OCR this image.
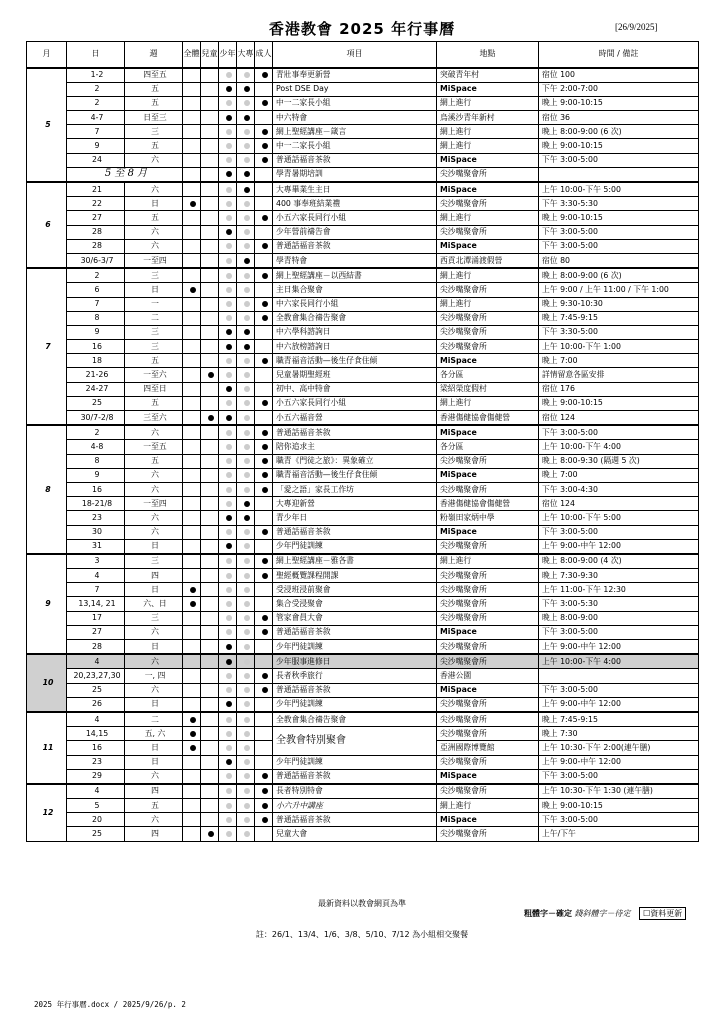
香港教會 2025 年行事曆	[26/9/2025]
月	日	週	全體	兒童	少年	大專	成人	項目	地點	時間 / 備註
5	1-2	四至五			●	●	●	青壯事奉更新營	突破青年村	宿位 100
	2	五			●	●		Post DSE Day	MiSpace	下午 2:00-7:00
	2	五			●	●	●	中一二家長小組	網上進行	晚上 9:00-10:15
	4-7	日至三			●	●		中六特會	烏溪沙青年新村	宿位 36
	7	三			●	●	●	網上聖經講座－箴言	網上進行	晚上 8:00-9:00 (6 次)
	9	五			●	●	●	中一二家長小組	網上進行	晚上 9:00-10:15
	24	六			●	●	●	普通話福音茶敘	MiSpace	下午 3:00-5:00
	5 至 8 月				●	●		學青暑期培訓	尖沙嘴聚會所	
6	21	六			●	●		大專畢業生主日	MiSpace	上午 10:00-下午 5:00
	22	日	●		●	●		400 事奉班結業禮	尖沙嘴聚會所	下午 3:30-5:30
	27	五			●	●	●	小五六家長同行小組	網上進行	晚上 9:00-10:15
	28	六			●	●		少年營前禱告會	尖沙嘴聚會所	下午 3:00-5:00
	28	六			●	●	●	普通話福音茶敘	MiSpace	下午 3:00-5:00
	30/6-3/7	一至四			●	●		學青特會	西貢北潭涌渡假營	宿位 80
7	2	三			●	●	●	網上聖經講座－以西結書	網上進行	晚上 8:00-9:00 (6 次)
	6	日	●		●	●		主日集合聚會	尖沙嘴聚會所	上午 9:00 / 上午 11:00 / 下午 1:00
	7	一			●	●	●	中六家長同行小組	網上進行	晚上 9:30-10:30
	8	二			●	●	●	全教會集合禱告聚會	尖沙嘴聚會所	晚上 7:45-9:15
	9	三			●	●		中六學科諮詢日	尖沙嘴聚會所	下午 3:30-5:00
	16	三			●	●		中六放榜諮詢日	尖沙嘴聚會所	上午 10:00-下午 1:00
	18	五			●	●	●	職青福音活動—後生仔食住傾	MiSpace	晚上 7:00
	21-26	一至六		●	●	●		兒童暑期聖經班	各分區	詳情留意各區安排
	24-27	四至日			●	●		初中、高中特會	梁紹榮度假村	宿位 176
	25	五			●	●	●	小五六家長同行小組	網上進行	晚上 9:00-10:15
	30/7-2/8	三至六		●	●	●		小五六福音營	香港傷健協會傷健營	宿位 124
8	2	六			●	●	●	普通話福音茶敘	MiSpace	下午 3:00-5:00
	4-8	一至五			●	●	●	陪你追求主	各分區	上午 10:00-下午 4:00
	8	五			●	●	●	職青《門徒之旅》：異象確立	尖沙嘴聚會所	晚上 8:00-9:30 (隔週 5 次)
	9	六			●	●	●	職青福音活動—後生仔食住傾	MiSpace	晚上 7:00
	16	六			●	●	●	「愛之語」家長工作坊	尖沙嘴聚會所	下午 3:00-4:30
	18-21/8	一至四			●	●		大專迎新營	香港傷健協會傷健營	宿位 124
	23	六			●	●		青少年日	粉嶺田家炳中學	上午 10:00-下午 5:00
	30	六			●	●	●	普通話福音茶敘	MiSpace	下午 3:00-5:00
	31	日			●	●		少年門徒訓練	尖沙嘴聚會所	上午 9:00-中午 12:00
9	3	三			●	●	●	網上聖經講座－雅各書	網上進行	晚上 8:00-9:00 (4 次)
	4	四			●	●	●	聖經概覽課程開課	尖沙嘴聚會所	晚上 7:30-9:30
	7	日	●		●	●		受浸班浸前聚會	尖沙嘴聚會所	上午 11:00-下午 12:30
	13,14, 21	六、日	●		●	●		集合受浸聚會	尖沙嘴聚會所	下午 3:00-5:30
	17	三			●	●	●	管家會員大會	尖沙嘴聚會所	晚上 8:00-9:00
	27	六			●	●	●	普通話福音茶敘	MiSpace	下午 3:00-5:00
	28	日			●	●		少年門徒訓練	尖沙嘴聚會所	上午 9:00-中午 12:00
10	4	六			●	●		少年服事進修日	尖沙嘴聚會所	上午 10:00-下午 4:00
	20,23,27,30	一, 四			●	●	●	長者秋季旅行	香港公園	
	25	六			●	●	●	普通話福音茶敘	MiSpace	下午 3:00-5:00
	26	日			●	●		少年門徒訓練	尖沙嘴聚會所	上午 9:00-中午 12:00
11	4	二	●		●	●		全教會集合禱告聚會	尖沙嘴聚會所	晚上 7:45-9:15
	14,15	五, 六	●		●	●		全教會特別聚會	尖沙嘴聚會所	晚上 7:30
	16	日	●		●	●			亞洲國際博覽館	上午 10:30-下午 2:00(連午膳)
	23	日			●	●		少年門徒訓練	尖沙嘴聚會所	上午 9:00-中午 12:00
	29	六			●	●	●	普通話福音茶敘	MiSpace	下午 3:00-5:00
12	4	四			●	●	●	長者特別特會	尖沙嘴聚會所	上午 10:30-下午 1:30 (連午膳)
	5	五			●	●	●	小六升中講座	網上進行	晚上 9:00-10:15
	20	六			●	●	●	普通話福音茶敘	MiSpace	下午 3:00-5:00
	25	四		●	●	●		兒童大會	尖沙嘴聚會所	上午/下午
最新資料以教會網頁為準
粗體字－確定 錢斜體字－待定 ☐資料更新
註：26/1、13/4、1/6、3/8、5/10、7/12 為小組相交聚餐
2025 年行事曆.docx / 2025/9/26/p. 2
